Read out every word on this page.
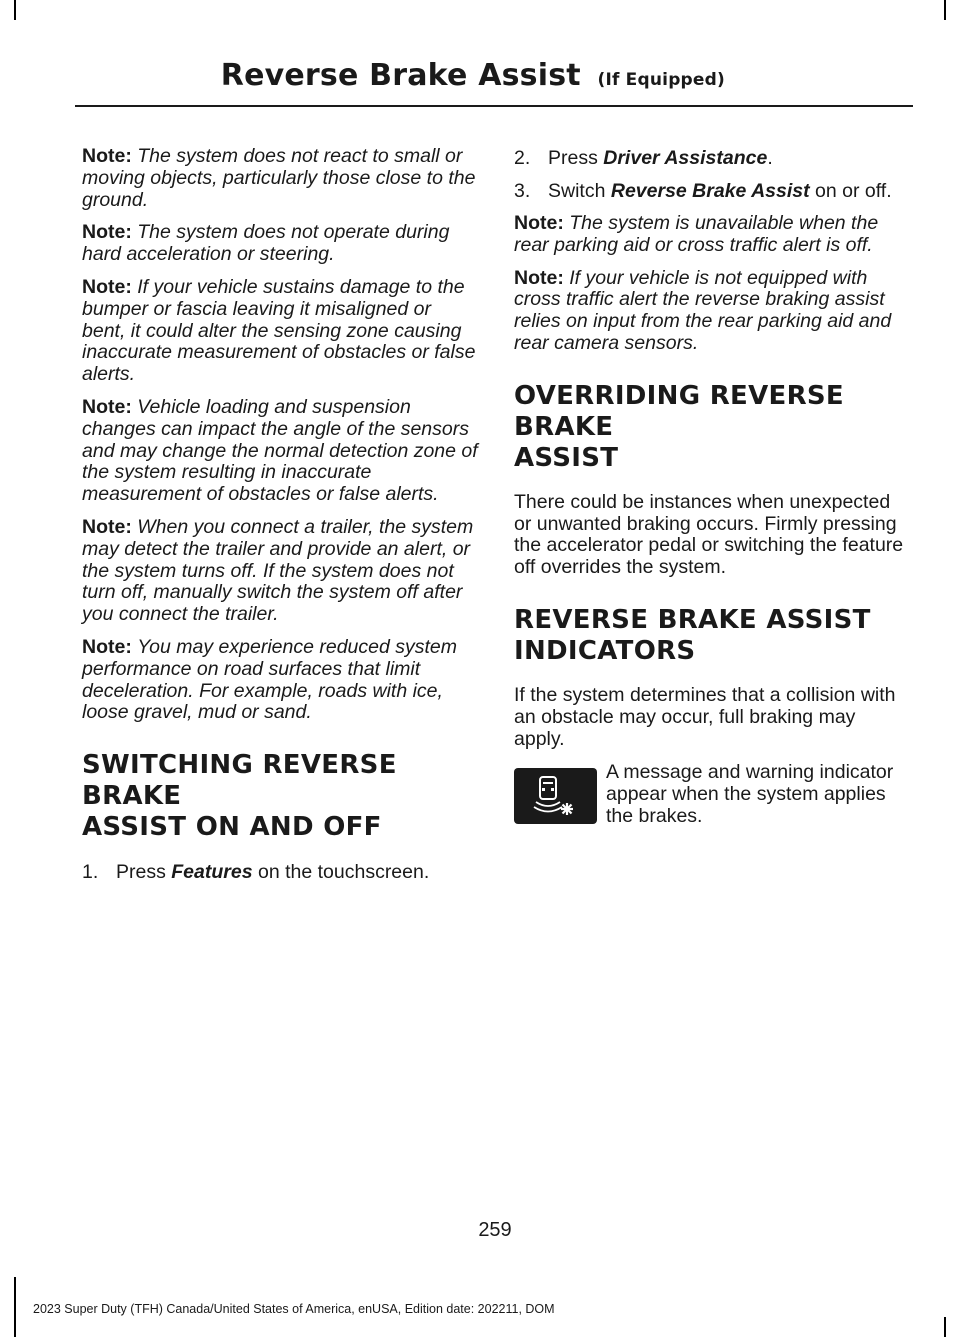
Reverse Brake Assist (If Equipped)

Note: The system does not react to small or moving objects, particularly those close to the ground.

Note: The system does not operate during hard acceleration or steering.

Note: If your vehicle sustains damage to the bumper or fascia leaving it misaligned or bent, it could alter the sensing zone causing inaccurate measurement of obstacles or false alerts.

Note: Vehicle loading and suspension changes can impact the angle of the sensors and may change the normal detection zone of the system resulting in inaccurate measurement of obstacles or false alerts.

Note: When you connect a trailer, the system may detect the trailer and provide an alert, or the system turns off. If the system does not turn off, manually switch the system off after you connect the trailer.

Note: You may experience reduced system performance on road surfaces that limit deceleration. For example, roads with ice, loose gravel, mud or sand.

SWITCHING REVERSE BRAKE
ASSIST ON AND OFF
1. Press Features on the touchscreen.
2. Press Driver Assistance.
3. Switch Reverse Brake Assist on or off.

Note: The system is unavailable when the rear parking aid or cross traffic alert is off.

Note: If your vehicle is not equipped with cross traffic alert the reverse braking assist relies on input from the rear parking aid and rear camera sensors.

OVERRIDING REVERSE BRAKE
ASSIST

There could be instances when unexpected or unwanted braking occurs. Firmly pressing the accelerator pedal or switching the feature off overrides the system.

REVERSE BRAKE ASSIST
INDICATORS

If the system determines that a collision with an obstacle may occur, full braking may apply.

A message and warning indicator appear when the system applies the brakes.
259
2023 Super Duty (TFH) Canada/United States of America, enUSA, Edition date: 202211, DOM
